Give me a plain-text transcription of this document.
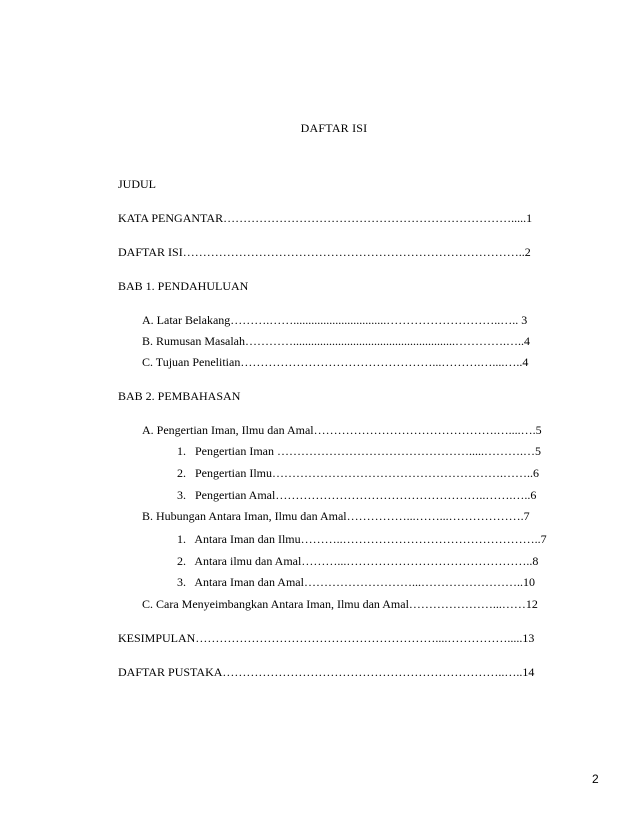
DAFTAR ISI
JUDUL
KATA PENGANTAR……………………………………………………………….....1
DAFTAR ISI…………………………………………………………………………..2
BAB 1. PENDAHULUAN
A. Latar Belakang……….……...............................………………………..….. 3
B. Rumusan Masalah…………......................................................………….…..4
C. Tujuan Penelitian…………………………………………...……….…....…..4
BAB 2. PEMBAHASAN
A. Pengertian Iman, Ilmu dan Amal……………………………………….…....….5
1.   Pengertian Iman ………………………………………….....……….…5
2.   Pengertian Ilmu………………………………………………….……..6
3.   Pengertian Amal……………………………………………..…….…..6
B. Hubungan Antara Iman, Ilmu dan Amal……………...……...……………….7
1.   Antara Iman dan Ilmu………..…………………………………………..7
2.   Antara ilmu dan Amal………...………………………………………..8
3.   Antara Iman dan Amal………………………...……………………..10
C. Cara Menyeimbangkan Antara Iman, Ilmu dan Amal…………………...……12
KESIMPULAN……………………………………………………....…………….....13
DAFTAR PUSTAKA……………………………………………………………..…..14
2
